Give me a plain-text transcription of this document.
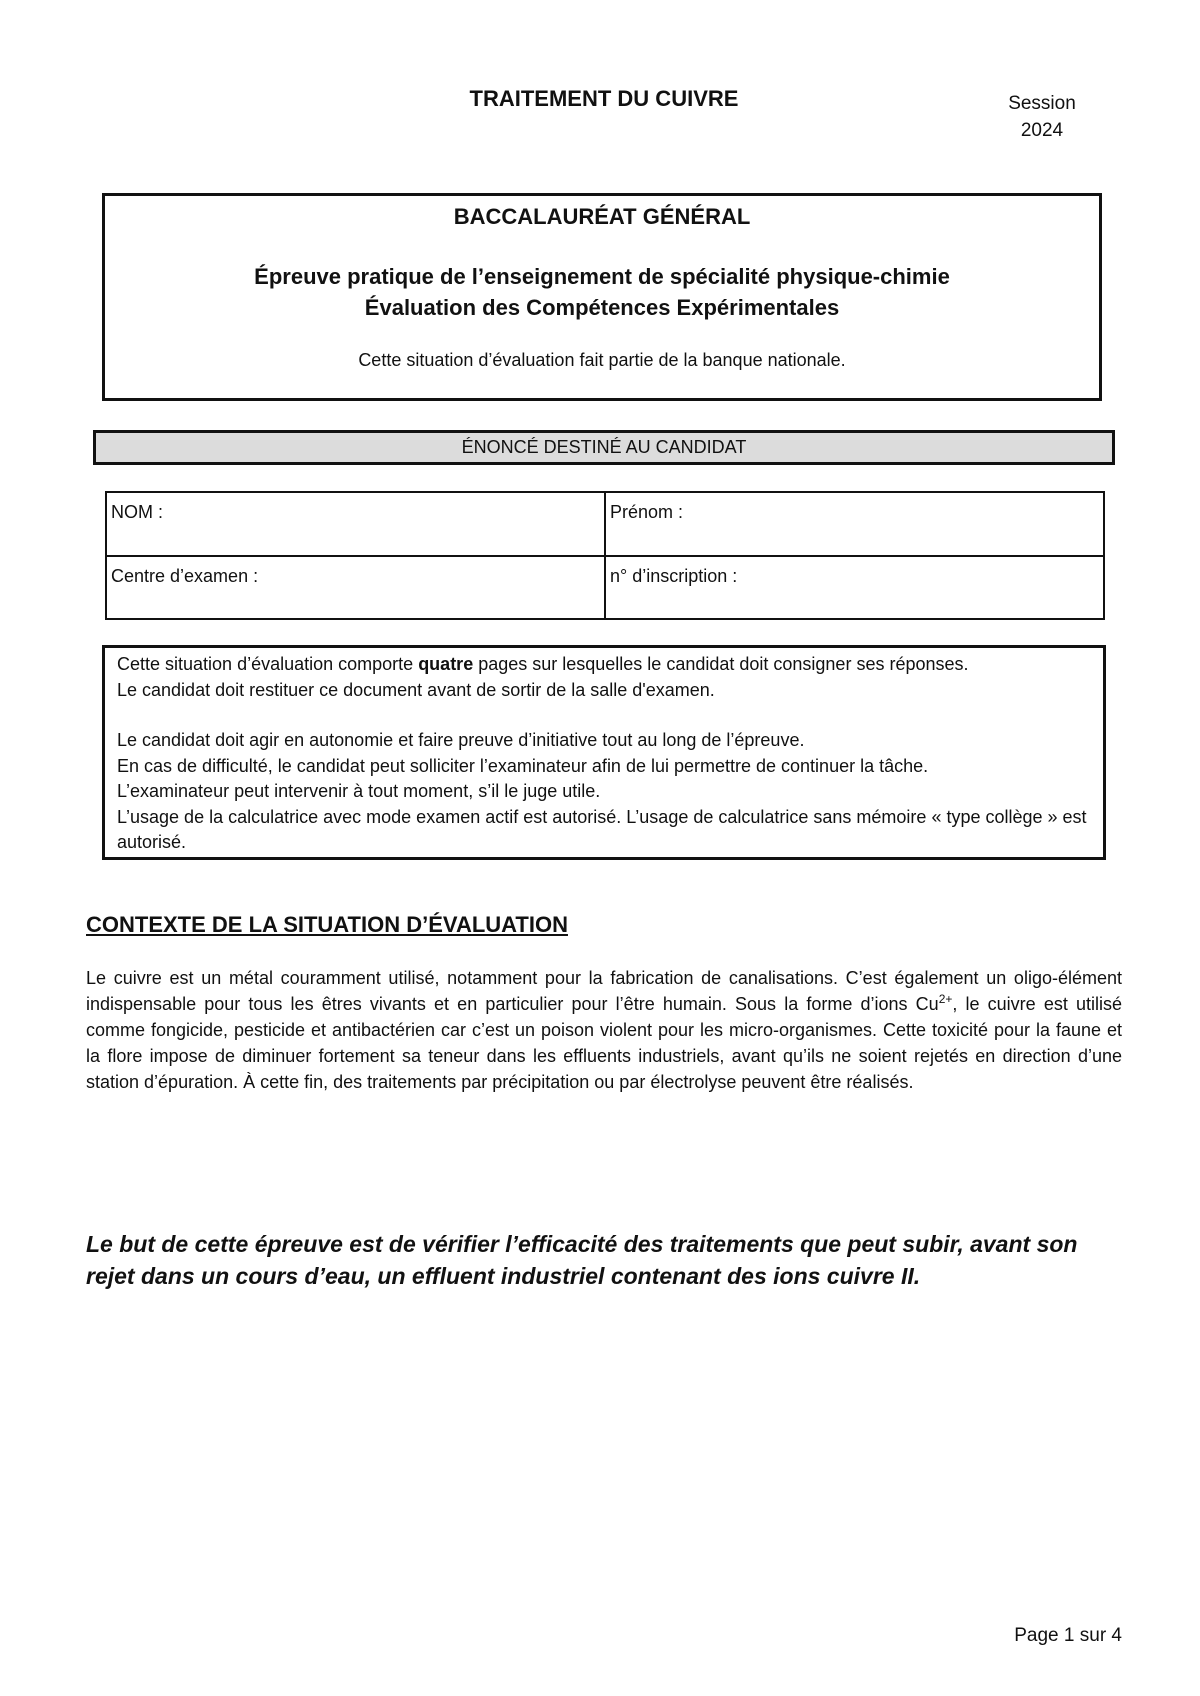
TRAITEMENT DU CUIVRE	Session
2024
BACCALAURÉAT GÉNÉRAL
Épreuve pratique de l’enseignement de spécialité physique-chimie
Évaluation des Compétences Expérimentales
Cette situation d’évaluation fait partie de la banque nationale.
ÉNONCÉ DESTINÉ AU CANDIDAT
NOM :	Prénom :
Centre d’examen :	n° d’inscription :

Cette situation d’évaluation comporte quatre pages sur lesquelles le candidat doit consigner ses réponses.

Le candidat doit restituer ce document avant de sortir de la salle d'examen.

Le candidat doit agir en autonomie et faire preuve d’initiative tout au long de l’épreuve.

En cas de difficulté, le candidat peut solliciter l’examinateur afin de lui permettre de continuer la tâche.

L’examinateur peut intervenir à tout moment, s’il le juge utile.

L’usage de la calculatrice avec mode examen actif est autorisé. L’usage de calculatrice sans mémoire « type collège » est autorisé.

CONTEXTE DE LA SITUATION D’ÉVALUATION
Le cuivre est un métal couramment utilisé, notamment pour la fabrication de canalisations. C’est également un oligo-élément indispensable pour tous les êtres vivants et en particulier pour l’être humain. Sous la forme d’ions $Cu^{2+}$, le cuivre est utilisé comme fongicide, pesticide et antibactérien car c’est un poison violent pour les micro-organismes. Cette toxicité pour la faune et la flore impose de diminuer fortement sa teneur dans les effluents industriels, avant qu’ils ne soient rejetés en direction d’une station d’épuration. À cette fin, des traitements par précipitation ou par électrolyse peuvent être réalisés.
Le but de cette épreuve est de vérifier l’efficacité des traitements que peut subir, avant son rejet dans un cours d’eau, un effluent industriel contenant des ions cuivre II.
Page 1 sur 4
